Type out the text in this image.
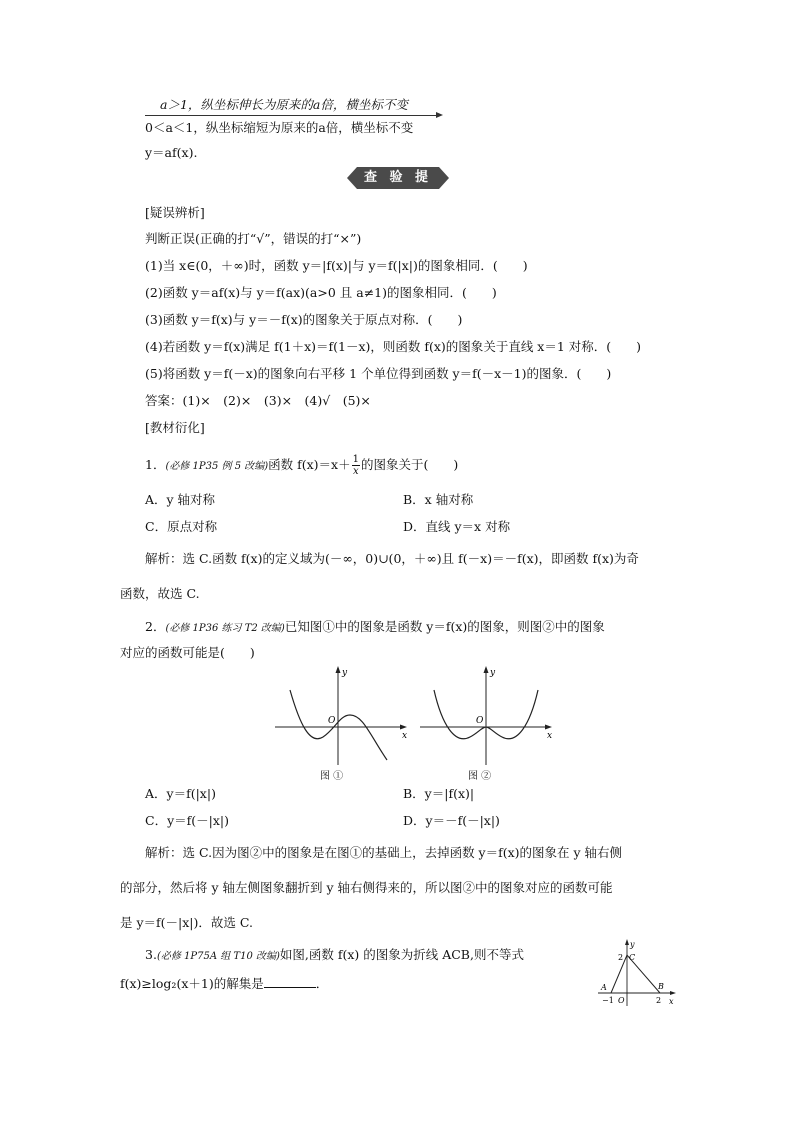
a＞1，纵坐标伸长为原来的a倍，横坐标不变
0＜a＜1，纵坐标缩短为原来的a倍，横坐标不变
y＝af(x).
查 验 提 升
[疑误辨析]
判断正误(正确的打“√”，错误的打“×”)
(1)当 x∈(0，＋∞)时，函数 y＝|f(x)|与 y＝f(|x|)的图象相同．(　　)
(2)函数 y＝af(x)与 y＝f(ax)(a>0 且 a≠1)的图象相同．(　　)
(3)函数 y＝f(x)与 y＝－f(x)的图象关于原点对称．(　　)
(4)若函数 y＝f(x)满足 f(1＋x)＝f(1－x)，则函数 f(x)的图象关于直线 x＝1 对称．(　　)
(5)将函数 y＝f(－x)的图象向右平移 1 个单位得到函数 y＝f(－x－1)的图象．(　　)
答案：(1)×　(2)×　(3)×　(4)√　(5)×
[教材衍化]
1．(必修 1P35 例 5 改编)函数 $f(x)=x+ \frac{1}{x}$ 的图象关于(　　)
A．y 轴对称	B．x 轴对称
C．原点对称	D．直线 y＝x 对称
解析：选 C.函数 f(x)的定义域为(－∞，0)∪(0，＋∞)且 f(－x)＝－f(x)，即函数 f(x)为奇
函数，故选 C.
2．(必修 1P36 练习 T2 改编)已知图①中的图象是函数 y＝f(x)的图象，则图②中的图象
对应的函数可能是(　　)
y
x
O
图 ①
y
x
O
图 ②
A．y＝f(|x|)	B．y＝|f(x)|
C．y＝f(－|x|)	D．y＝－f(－|x|)
解析：选 C.因为图②中的图象是在图①的基础上，去掉函数 y＝f(x)的图象在 y 轴右侧
的部分，然后将 y 轴左侧图象翻折到 y 轴右侧得来的，所以图②中的图象对应的函数可能
是 y＝f(－|x|)．故选 C.
3.(必修 1P75A 组 T10 改编)如图,函数 f(x) 的图象为折线 ACB,则不等式
f(x)≥log₂(x＋1)的解集是	．
y
2 C
A	B
−1 O	2 x
